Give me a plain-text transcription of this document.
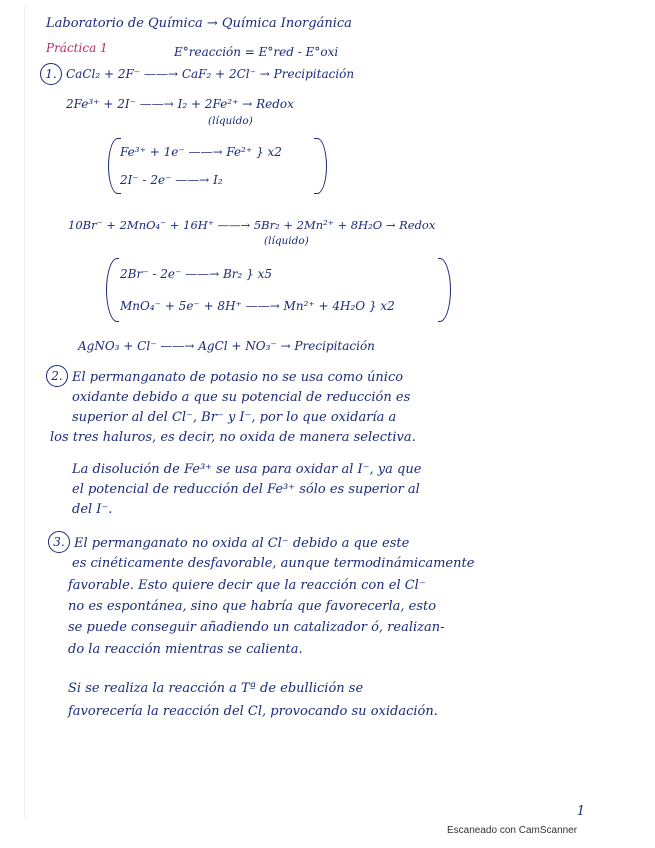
Laboratorio de Química → Química Inorgánica
Práctica 1	E°reacción = E°red - E°oxi
1. CaCl₂ + 2F⁻ ——→ CaF₂ + 2Cl⁻ → Precipitación
2Fe³⁺ + 2I⁻ ——→ I₂ + 2Fe²⁺ → Redox
(líquido)
Fe³⁺ + 1e⁻ ——→ Fe²⁺ } x2
2I⁻ - 2e⁻ ——→ I₂
10Br⁻ + 2MnO₄⁻ + 16H⁺ ——→ 5Br₂ + 2Mn²⁺ + 8H₂O → Redox
(líquido)
2Br⁻ - 2e⁻ ——→ Br₂ } x5
MnO₄⁻ + 5e⁻ + 8H⁺ ——→ Mn²⁺ + 4H₂O } x2
AgNO₃ + Cl⁻ ——→ AgCl + NO₃⁻ → Precipitación
2. El permanganato de potasio no se usa como único
oxidante debido a que su potencial de reducción es
superior al del Cl⁻, Br⁻ y I⁻, por lo que oxidaría a
los tres haluros, es decir, no oxida de manera selectiva.
La disolución de Fe³⁺ se usa para oxidar al I⁻, ya que
el potencial de reducción del Fe³⁺ sólo es superior al
del I⁻.
3. El permanganato no oxida al Cl⁻ debido a que este
es cinéticamente desfavorable, aunque termodinámicamente
favorable. Esto quiere decir que la reacción con el Cl⁻
no es espontánea, sino que habría que favorecerla, esto
se puede conseguir añadiendo un catalizador ó, realizan-
do la reacción mientras se calienta.
Si se realiza la reacción a Tª de ebullición se
favorecería la reacción del Cl, provocando su oxidación.
1
Escaneado con CamScanner
